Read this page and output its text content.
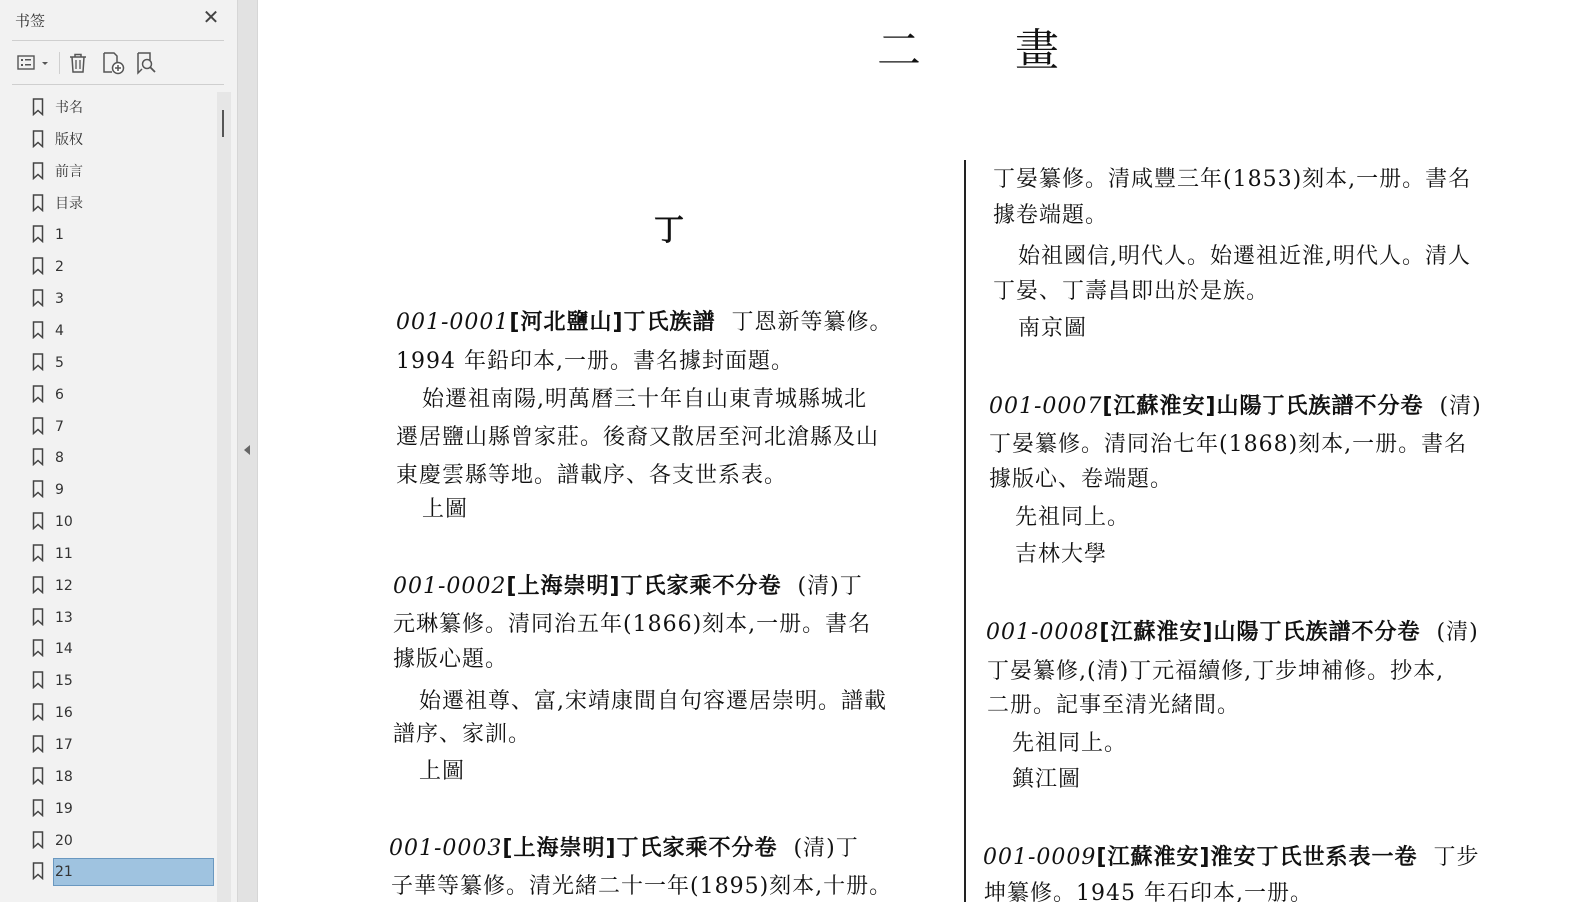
书签	✕
书名
版权
前言
目录
1
2
3
4
5
6
7
8
9
10
11
12
13
14
15
16
17
18
19
20
21
二 畫
丁
001-0001[河北鹽山]丁氏族譜 丁恩新等纂修。
1994 年鉛印本,一册。書名據封面題。
始遷祖南陽,明萬曆三十年自山東青城縣城北
遷居鹽山縣曾家莊。後裔又散居至河北滄縣及山
東慶雲縣等地。譜載序、各支世系表。
上圖
001-0002[上海崇明]丁氏家乘不分卷 (清)丁
元琳纂修。清同治五年(1866)刻本,一册。書名
據版心題。
始遷祖尊、富,宋靖康間自句容遷居崇明。譜載
譜序、家訓。
上圖
001-0003[上海崇明]丁氏家乘不分卷 (清)丁
子華等纂修。清光緒二十一年(1895)刻本,十册。
丁晏纂修。清咸豐三年(1853)刻本,一册。書名
據卷端題。
始祖國信,明代人。始遷祖近淮,明代人。清人
丁晏、丁壽昌即出於是族。
南京圖
001-0007[江蘇淮安]山陽丁氏族譜不分卷 (清)
丁晏纂修。清同治七年(1868)刻本,一册。書名
據版心、卷端題。
先祖同上。
吉林大學
001-0008[江蘇淮安]山陽丁氏族譜不分卷 (清)
丁晏纂修,(清)丁元福續修,丁步坤補修。抄本,
二册。記事至清光緒間。
先祖同上。
鎮江圖
001-0009[江蘇淮安]淮安丁氏世系表一卷 丁步
坤纂修。1945 年石印本,一册。
